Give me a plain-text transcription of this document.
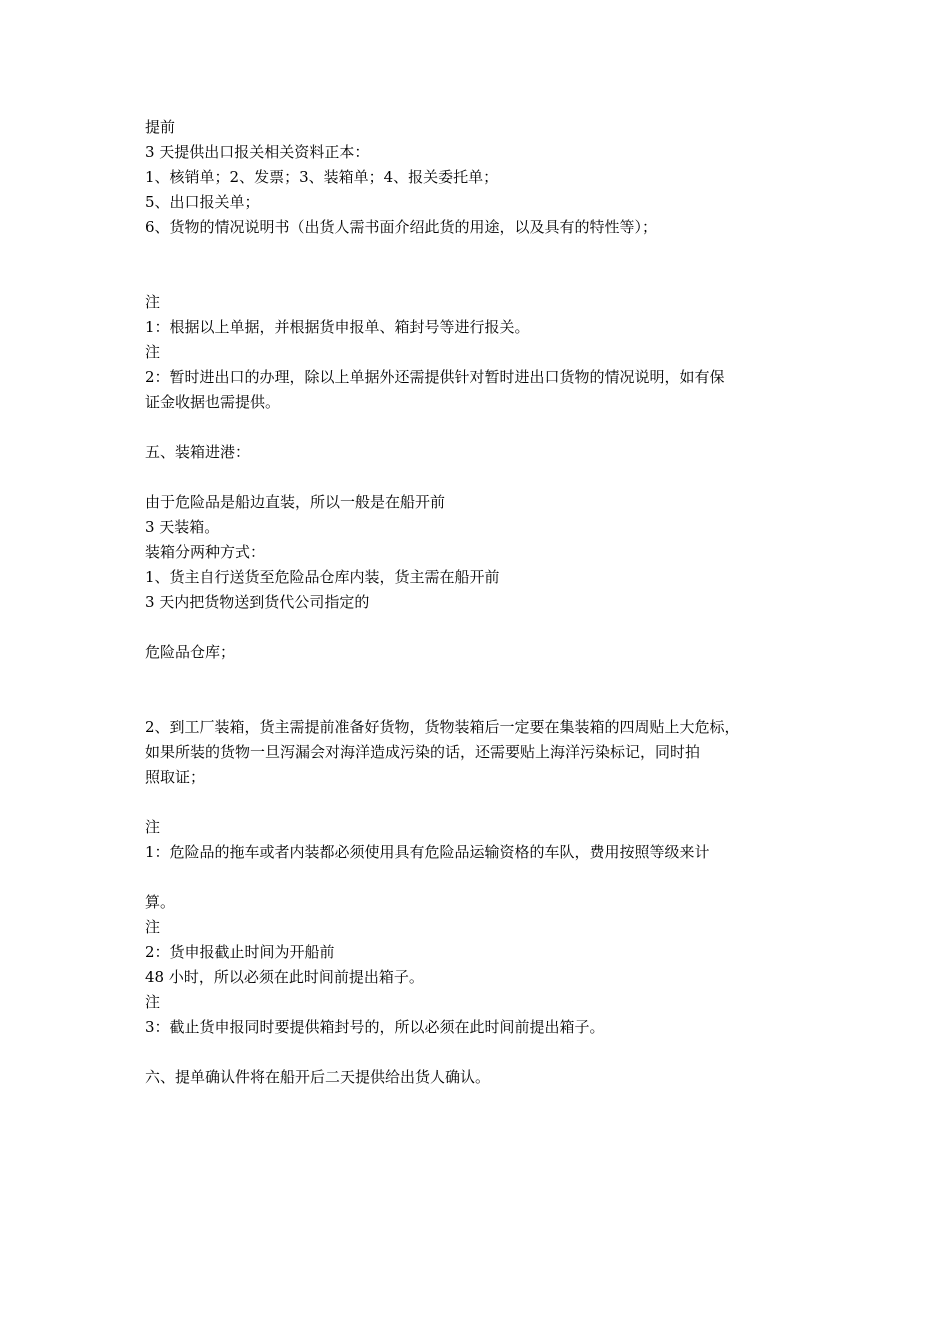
提前
3 天提供出口报关相关资料正本：
1、核销单；2、发票；3、装箱单；4、报关委托单；
5、出口报关单；
6、货物的情况说明书（出货人需书面介绍此货的用途，以及具有的特性等）；
注
1：根据以上单据，并根据货申报单、箱封号等进行报关。
注
2：暂时进出口的办理，除以上单据外还需提供针对暂时进出口货物的情况说明，如有保
证金收据也需提供。
五、装箱进港：
由于危险品是船边直装，所以一般是在船开前
3 天装箱。
装箱分两种方式：
1、货主自行送货至危险品仓库内装，货主需在船开前
3 天内把货物送到货代公司指定的
危险品仓库；
2、到工厂装箱，货主需提前准备好货物，货物装箱后一定要在集装箱的四周贴上大危标，
如果所装的货物一旦泻漏会对海洋造成污染的话，还需要贴上海洋污染标记，同时拍
照取证；
注
1：危险品的拖车或者内装都必须使用具有危险品运输资格的车队，费用按照等级来计
算。
注
2：货申报截止时间为开船前
48 小时，所以必须在此时间前提出箱子。
注
3：截止货申报同时要提供箱封号的，所以必须在此时间前提出箱子。
六、提单确认件将在船开后二天提供给出货人确认。
